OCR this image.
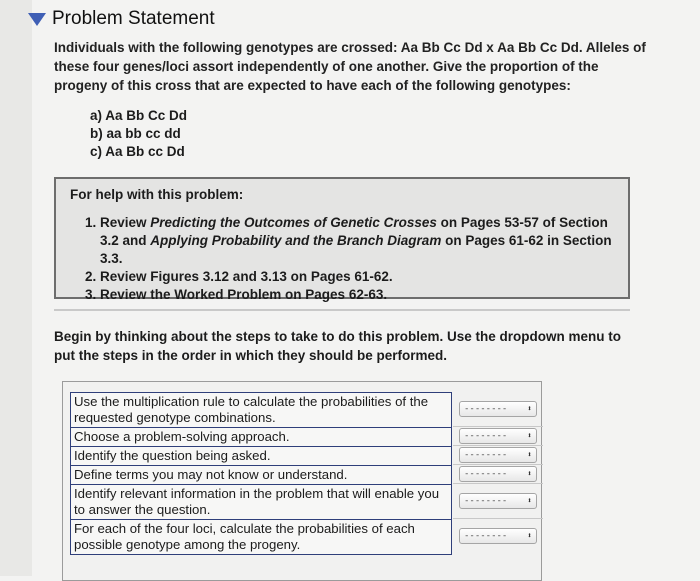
Problem Statement
Individuals with the following genotypes are crossed: Aa Bb Cc Dd x Aa Bb Cc Dd. Alleles of these four genes/loci assort independently of one another. Give the proportion of the progeny of this cross that are expected to have each of the following genotypes:
a) Aa Bb Cc Dd
b) aa bb cc dd
c) Aa Bb cc Dd
For help with this problem:
1. Review Predicting the Outcomes of Genetic Crosses on Pages 53-57 of Section 3.2 and Applying Probability and the Branch Diagram on Pages 61-62 in Section 3.3.
2. Review Figures 3.12 and 3.13 on Pages 61-62.
3. Review the Worked Problem on Pages 62-63.
Begin by thinking about the steps to take to do this problem. Use the dropdown menu to put the steps in the order in which they should be performed.
Use the multiplication rule to calculate the probabilities of the requested genotype combinations.
Choose a problem-solving approach.
Identify the question being asked.
Define terms you may not know or understand.
Identify relevant information in the problem that will enable you to answer the question.
For each of the four loci, calculate the probabilities of each possible genotype among the progeny.
-------- ⬍
-------- ⬍
-------- ⬍
-------- ⬍
-------- ⬍
-------- ⬍
